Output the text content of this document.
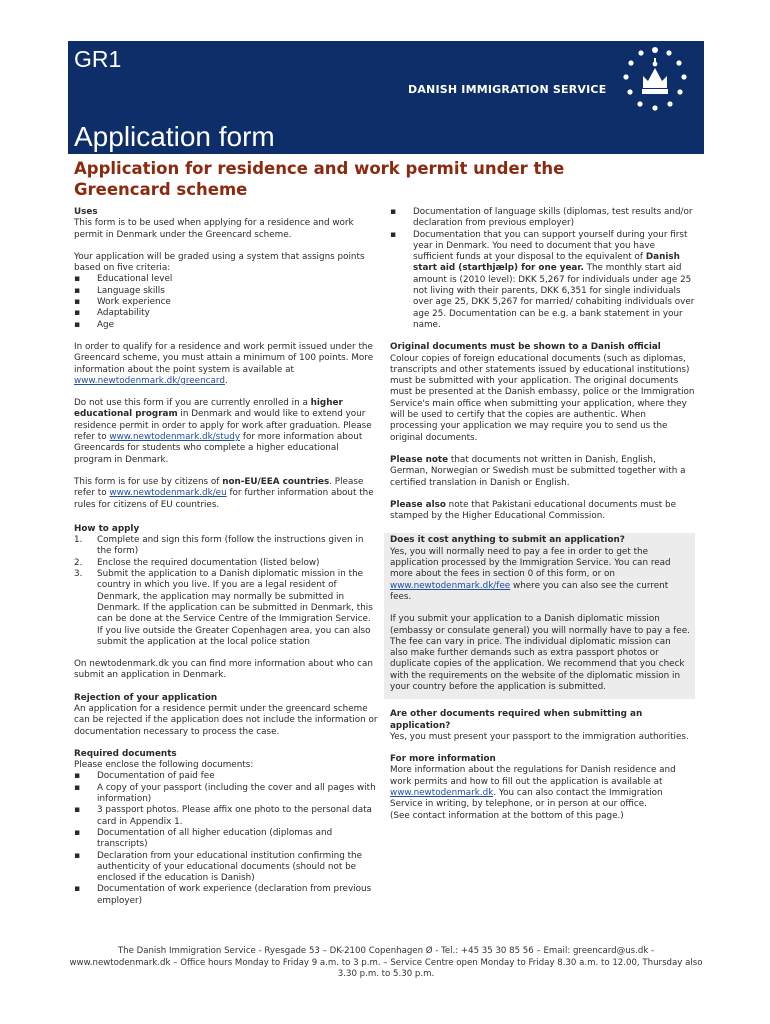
GR1
DANISH IMMIGRATION SERVICE
Application form
Application for residence and work permit under the Greencard scheme
Uses

This form is to be used when applying for a residence and work permit in Denmark under the Greencard scheme.

Your application will be graded using a system that assigns points based on five criteria:
▪ Educational level
▪ Language skills
▪ Work experience
▪ Adaptability
▪ Age

In order to qualify for a residence and work permit issued under the Greencard scheme, you must attain a minimum of 100 points. More information about the point system is available at www.newtodenmark.dk/greencard.

Do not use this form if you are currently enrolled in a higher educational program in Denmark and would like to extend your residence permit in order to apply for work after graduation. Please refer to www.newtodenmark.dk/study for more information about Greencards for students who complete a higher educational program in Denmark.

This form is for use by citizens of non-EU/EEA countries. Please refer to www.newtodenmark.dk/eu for further information about the rules for citizens of EU countries.

How to apply
1. Complete and sign this form (follow the instructions given in the form)
2. Enclose the required documentation (listed below)
3. Submit the application to a Danish diplomatic mission in the country in which you live. If you are a legal resident of Denmark, the application may normally be submitted in Denmark. If the application can be submitted in Denmark, this can be done at the Service Centre of the Immigration Service. If you live outside the Greater Copenhagen area, you can also submit the application at the local police station

On newtodenmark.dk you can find more information about who can submit an application in Denmark.

Rejection of your application

An application for a residence permit under the greencard scheme can be rejected if the application does not include the information or documentation necessary to process the case.

Required documents
Please enclose the following documents:
▪ Documentation of paid fee
▪ A copy of your passport (including the cover and all pages with information)
▪ 3 passport photos. Please affix one photo to the personal data card in Appendix 1.
▪ Documentation of all higher education (diplomas and transcripts)
▪ Declaration from your educational institution confirming the authenticity of your educational documents (should not be enclosed if the education is Danish)
▪ Documentation of work experience (declaration from previous employer)
▪ Documentation of language skills (diplomas, test results and/or declaration from previous employer)
▪ Documentation that you can support yourself during your first year in Denmark. You need to document that you have sufficient funds at your disposal to the equivalent of Danish start aid (starthjælp) for one year. The monthly start aid amount is (2010 level): DKK 5,267 for individuals under age 25 not living with their parents, DKK 6,351 for single individuals over age 25, DKK 5,267 for married/ cohabiting individuals over age 25. Documentation can be e.g. a bank statement in your name.
Original documents must be shown to a Danish official

Colour copies of foreign educational documents (such as diplomas, transcripts and other statements issued by educational institutions) must be submitted with your application. The original documents must be presented at the Danish embassy, police or the Immigration Service's main office when submitting your application, where they will be used to certify that the copies are authentic. When processing your application we may require you to send us the original documents.

Please note that documents not written in Danish, English, German, Norwegian or Swedish must be submitted together with a certified translation in Danish or English.

Please also note that Pakistani educational documents must be stamped by the Higher Educational Commission.

Does it cost anything to submit an application?

Yes, you will normally need to pay a fee in order to get the application processed by the Immigration Service. You can read more about the fees in section 0 of this form, or on www.newtodenmark.dk/fee where you can also see the current fees.

If you submit your application to a Danish diplomatic mission (embassy or consulate general) you will normally have to pay a fee. The fee can vary in price. The individual diplomatic mission can also make further demands such as extra passport photos or duplicate copies of the application. We recommend that you check with the requirements on the website of the diplomatic mission in your country before the application is submitted.

Are other documents required when submitting an application?

Yes, you must present your passport to the immigration authorities.

For more information
More information about the regulations for Danish residence and work permits and how to fill out the application is available at www.newtodenmark.dk. You can also contact the Immigration Service in writing, by telephone, or in person at our office.
(See contact information at the bottom of this page.)
The Danish Immigration Service - Ryesgade 53 – DK-2100 Copenhagen Ø - Tel.: +45 35 30 85 56 – Email: greencard@us.dk - www.newtodenmark.dk – Office hours Monday to Friday 9 a.m. to 3 p.m. – Service Centre open Monday to Friday 8.30 a.m. to 12.00, Thursday also 3.30 p.m. to 5.30 p.m.
